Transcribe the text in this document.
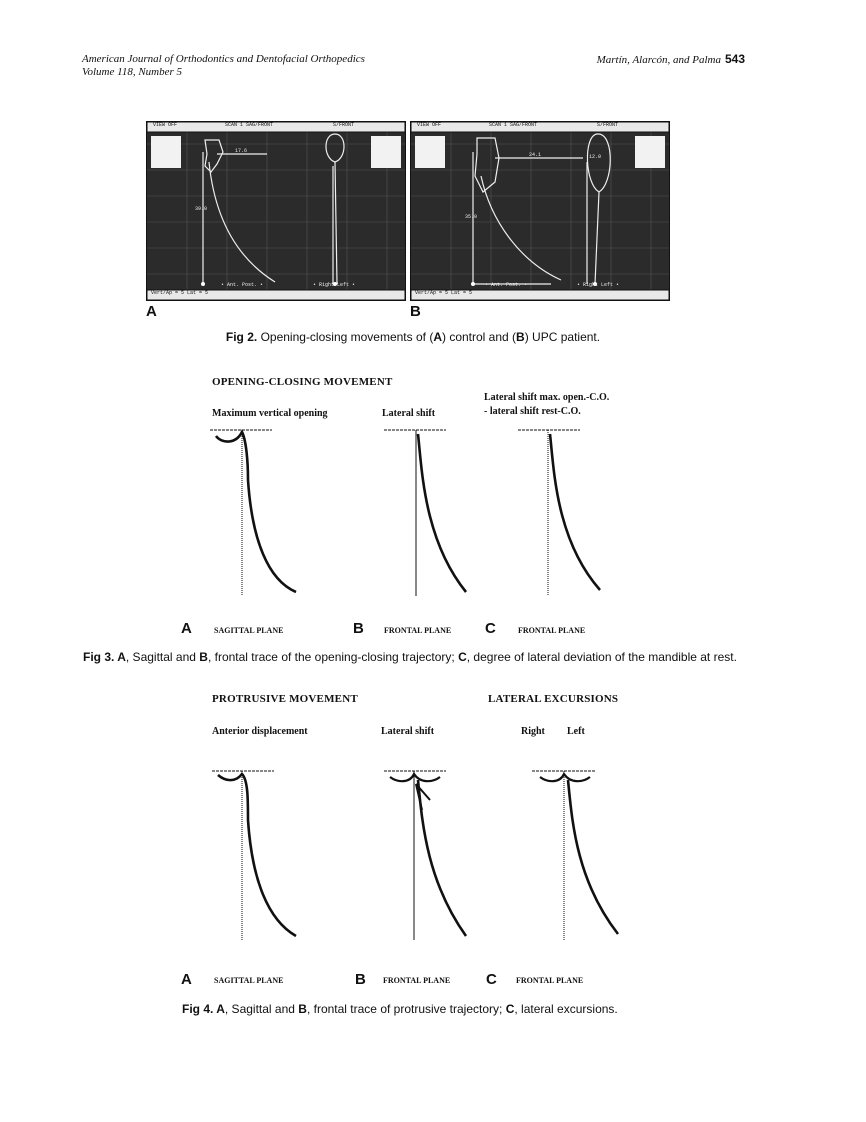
American Journal of Orthodontics and Dentofacial Orthopedics
Volume 118, Number 5
Martín, Alarcón, and Palma 543
VIEW OFF	SCAN 1 SAG/FRONT	S/FRONT
17.6
39.0
Vert/Ap = 5 Lat = 5
• Ant. Post. •	• Right Left •
VIEW OFF	SCAN 1 SAG/FRONT	S/FRONT
24.1
35.0
12.0
Vert/Ap = 5 Lat = 5
• Ant. Post. •	• Right Left •
A	B
Fig 2. Opening-closing movements of (A) control and (B) UPC patient.
OPENING-CLOSING MOVEMENT
Maximum vertical opening	Lateral shift
Lateral shift max. open.-C.O.
- lateral shift rest-C.O.
A	SAGITTAL PLANE	B	FRONTAL PLANE C	FRONTAL PLANE
Fig 3. A, Sagittal and B, frontal trace of the opening-closing trajectory; C, degree of lateral deviation of the mandible at rest.
PROTRUSIVE MOVEMENT	LATERAL EXCURSIONS
Anterior displacement	Lateral shift	Right Left
A	SAGITTAL PLANE	B FRONTAL PLANE C FRONTAL PLANE
Fig 4. A, Sagittal and B, frontal trace of protrusive trajectory; C, lateral excursions.
